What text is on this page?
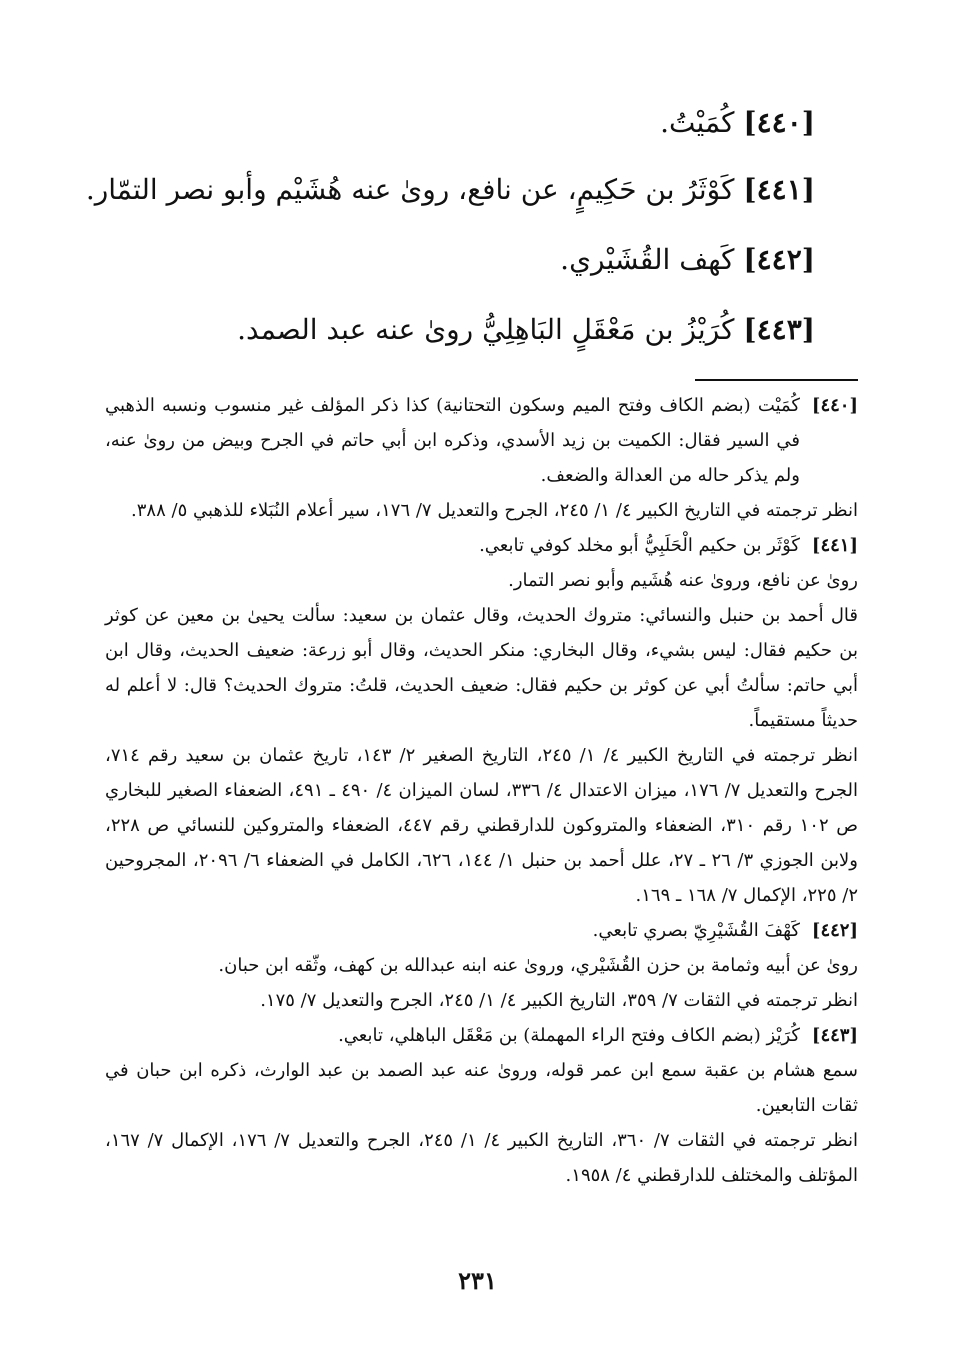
[٤٤٠] كُمَيْتُ.
[٤٤١] كَوْثَرُ بن حَكِيمٍ، عن نافع، روىٰ عنه هُشَيْم وأبو نصر التمّار.
[٤٤٢] كَهف القُشَيْري.
[٤٤٣] كُرَيْزُ بن مَعْقَلٍ البَاهِلِيُّ روىٰ عنه عبد الصمد.
[٤٤٠]

كُمَيْت (بضم الكاف وفتح الميم وسكون التحتانية) كذا ذكر المؤلف غير منسوب ونسبه الذهبي في السير فقال: الكميت بن زيد الأسدي، وذكره ابن أبي حاتم في الجرح وبيض من روىٰ عنه، ولم يذكر حاله من العدالة والضعف.

انظر ترجمته في التاريخ الكبير ٤/ ١/ ٢٤٥، الجرح والتعديل ٧/ ١٧٦، سير أعلام النُبَلاء للذهبي ٥/ ٣٨٨.

[٤٤١]

كَوْثَر بن حكيم الْحَلَبِيُّ أبو مخلد كوفي تابعي.

روىٰ عن نافع، وروىٰ عنه هُشَيم وأبو نصر التمار.

قال أحمد بن حنبل والنسائي: متروك الحديث، وقال عثمان بن سعيد: سألت يحيىٰ بن معين عن كوثر بن حكيم فقال: ليس بشيء، وقال البخاري: منكر الحديث، وقال أبو زرعة: ضعيف الحديث، وقال ابن أبي حاتم: سألتُ أبي عن كوثر بن حكيم فقال: ضعيف الحديث، قلتُ: متروك الحديث؟ قال: لا أعلم له حديثاً مستقيماً.

انظر ترجمته في التاريخ الكبير ٤/ ١/ ٢٤٥، التاريخ الصغير ٢/ ١٤٣، تاريخ عثمان بن سعيد رقم ٧١٤، الجرح والتعديل ٧/ ١٧٦، ميزان الاعتدال ٤/ ٣٣٦، لسان الميزان ٤/ ٤٩٠ ـ ٤٩١، الضعفاء الصغير للبخاري ص ١٠٢ رقم ٣١٠، الضعفاء والمتروكون للدارقطني رقم ٤٤٧، الضعفاء والمتروكين للنسائي ص ٢٢٨، ولابن الجوزي ٣/ ٢٦ ـ ٢٧، علل أحمد بن حنبل ١/ ١٤٤، ٦٢٦، الكامل في الضعفاء ٦/ ٢٠٩٦، المجروحين ٢/ ٢٢٥، الإكمال ٧/ ١٦٨ ـ ١٦٩.

[٤٤٢]

كَهْفَ القُشَيْرِيّ بصري تابعي.

روىٰ عن أبيه وثمامة بن حزن القُشَيْري، وروىٰ عنه ابنه عبدالله بن كهف، وثّقه ابن حبان.

انظر ترجمته في الثقات ٧/ ٣٥٩، التاريخ الكبير ٤/ ١/ ٢٤٥، الجرح والتعديل ٧/ ١٧٥.

[٤٤٣]

كُرَيْز (بضم الكاف وفتح الراء المهملة) بن مَعْقَل الباهلي، تابعي.

سمع هشام بن عقبة سمع ابن عمر قوله، وروىٰ عنه عبد الصمد بن عبد الوارث، ذكره ابن حبان في ثقات التابعين.

انظر ترجمته في الثقات ٧/ ٣٦٠، التاريخ الكبير ٤/ ١/ ٢٤٥، الجرح والتعديل ٧/ ١٧٦، الإكمال ٧/ ١٦٧، المؤتلف والمختلف للدارقطني ٤/ ١٩٥٨.

٢٣١
